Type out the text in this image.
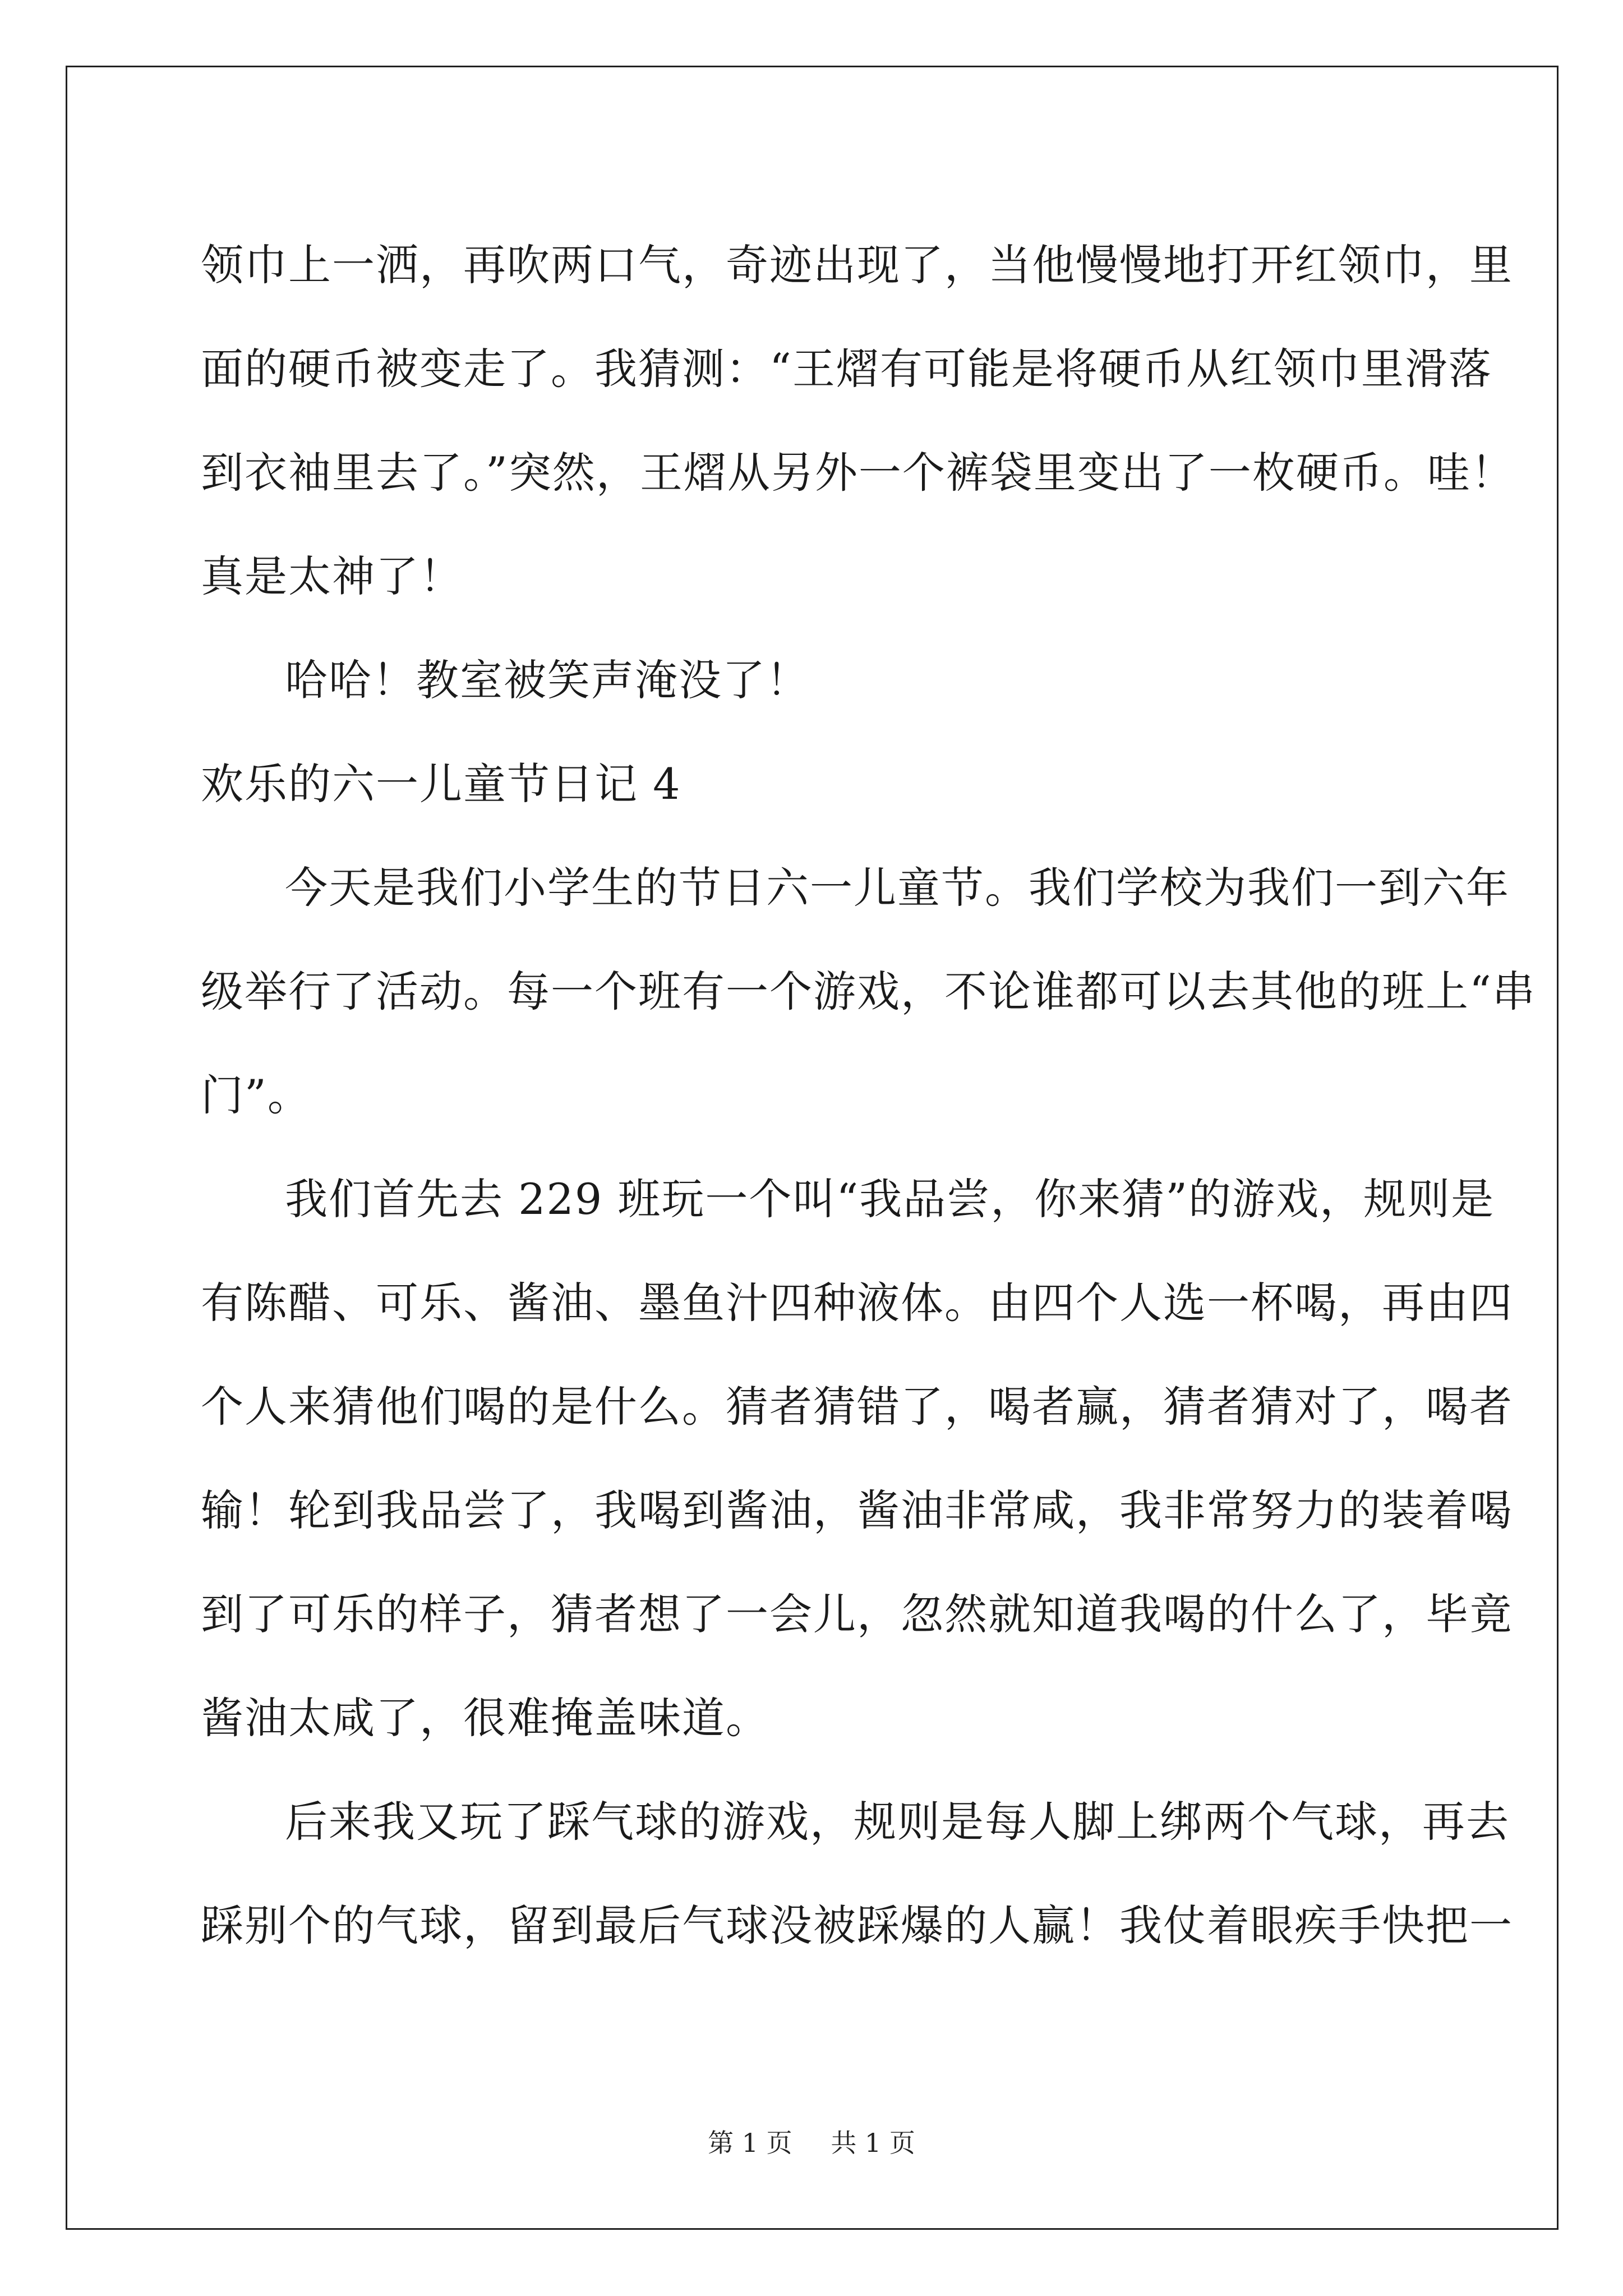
领巾上一洒，再吹两口气，奇迹出现了，当他慢慢地打开红领巾，里
面的硬币被变走了。我猜测：“王熠有可能是将硬币从红领巾里滑落
到衣袖里去了。”突然，王熠从另外一个裤袋里变出了一枚硬币。哇！
真是太神了！
哈哈！教室被笑声淹没了！
欢乐的六一儿童节日记 4
今天是我们小学生的节日六一儿童节。我们学校为我们一到六年
级举行了活动。每一个班有一个游戏，不论谁都可以去其他的班上“串
门”。
我们首先去 229 班玩一个叫“我品尝，你来猜”的游戏，规则是
有陈醋、可乐、酱油、墨鱼汁四种液体。由四个人选一杯喝，再由四
个人来猜他们喝的是什么。猜者猜错了，喝者赢，猜者猜对了，喝者
输！轮到我品尝了，我喝到酱油，酱油非常咸，我非常努力的装着喝
到了可乐的样子，猜者想了一会儿，忽然就知道我喝的什么了，毕竟
酱油太咸了，很难掩盖味道。
后来我又玩了踩气球的游戏，规则是每人脚上绑两个气球，再去
踩别个的气球，留到最后气球没被踩爆的人赢！我仗着眼疾手快把一
第 1 页 共 1 页
